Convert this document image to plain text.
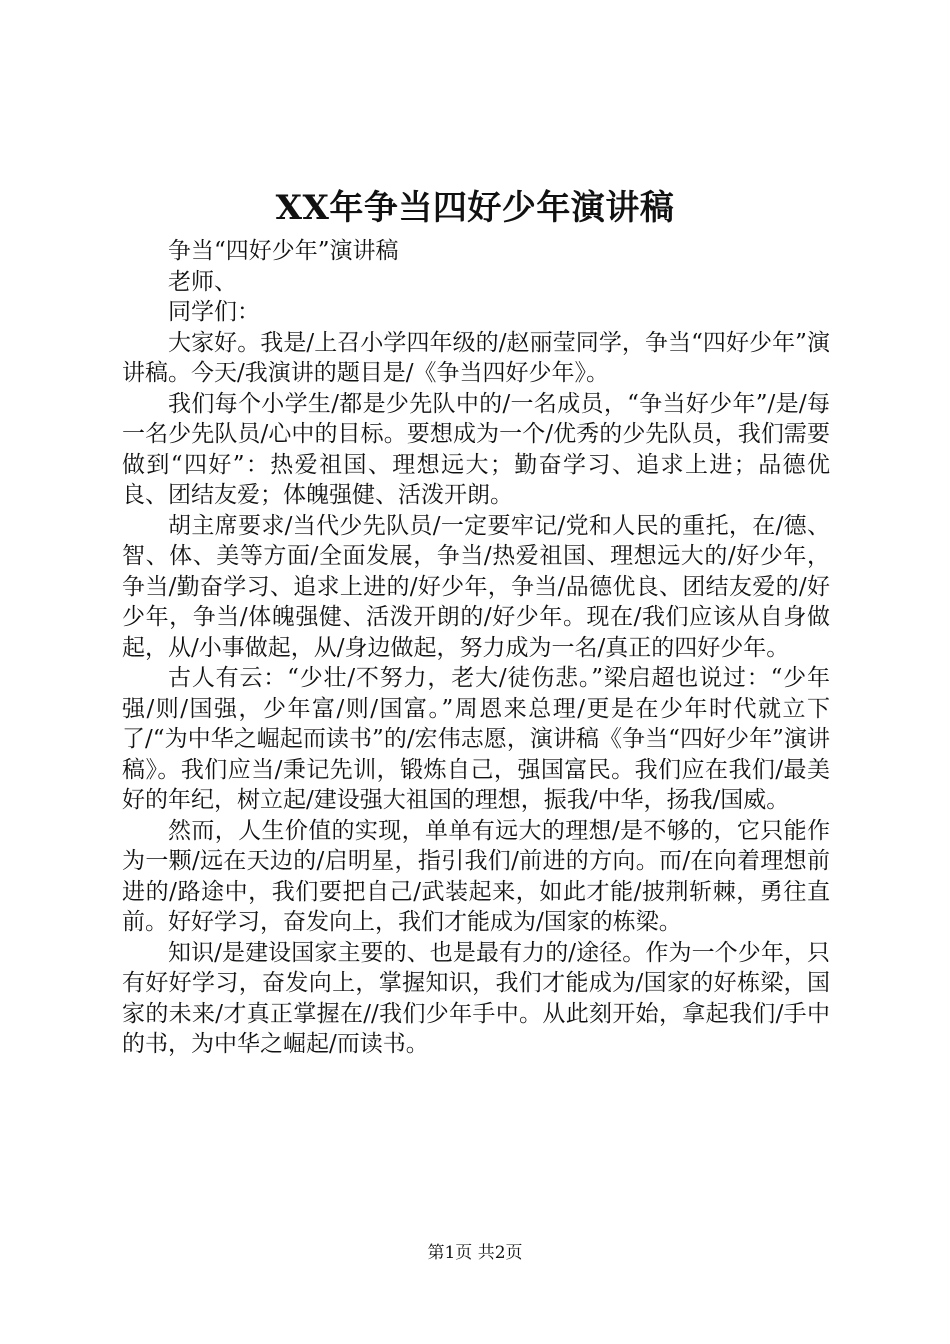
XX年争当四好少年演讲稿

争当“四好少年”演讲稿

老师、

同学们：

大家好。我是/上召小学四年级的/赵丽莹同学，争当“四好少年”演讲稿。今天/我演讲的题目是/《争当四好少年》。

我们每个小学生/都是少先队中的/一名成员，“争当好少年”/是/每一名少先队员/心中的目标。要想成为一个/优秀的少先队员，我们需要做到“四好”：热爱祖国、理想远大；勤奋学习、追求上进；品德优良、团结友爱；体魄强健、活泼开朗。

胡主席要求/当代少先队员/一定要牢记/党和人民的重托，在/德、智、体、美等方面/全面发展，争当/热爱祖国、理想远大的/好少年，争当/勤奋学习、追求上进的/好少年，争当/品德优良、团结友爱的/好少年，争当/体魄强健、活泼开朗的/好少年。现在/我们应该从自身做起，从/小事做起，从/身边做起，努力成为一名/真正的四好少年。

古人有云：“少壮/不努力，老大/徒伤悲。”梁启超也说过：“少年强/则/国强，少年富/则/国富。”周恩来总理/更是在少年时代就立下了/“为中华之崛起而读书”的/宏伟志愿，演讲稿《争当“四好少年”演讲稿》。我们应当/秉记先训，锻炼自己，强国富民。我们应在我们/最美好的年纪，树立起/建设强大祖国的理想，振我/中华，扬我/国威。

然而，人生价值的实现，单单有远大的理想/是不够的，它只能作为一颗/远在天边的/启明星，指引我们/前进的方向。而/在向着理想前进的/路途中，我们要把自己/武装起来，如此才能/披荆斩棘，勇往直前。好好学习，奋发向上，我们才能成为/国家的栋梁。

知识/是建设国家主要的、也是最有力的/途径。作为一个少年，只有好好学习，奋发向上，掌握知识，我们才能成为/国家的好栋梁，国家的未来/才真正掌握在//我们少年手中。从此刻开始，拿起我们/手中的书，为中华之崛起/而读书。

第1页 共2页
